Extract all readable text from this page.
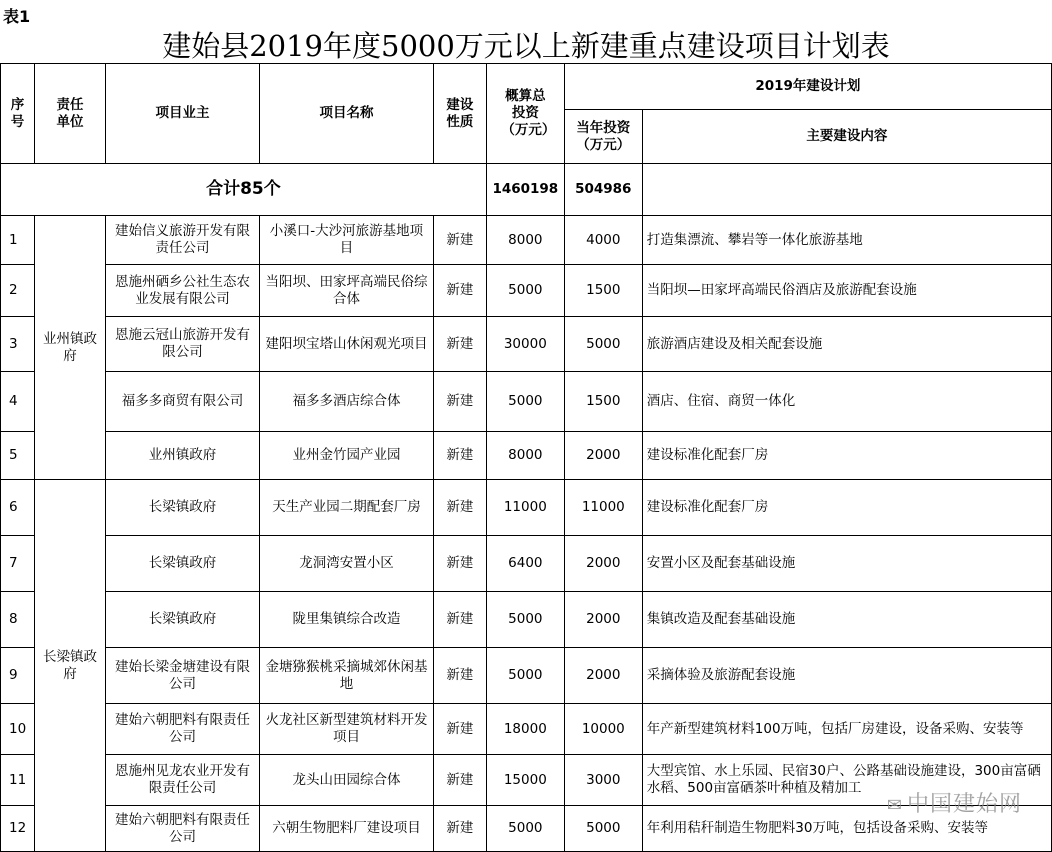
表1
建始县2019年度5000万元以上新建重点建设项目计划表
序号	责任单位	项目业主	项目名称	建设性质	概算总投资（万元）	2019年建设计划	

						当年投资（万元）	主要建设内容
合计85个					1460198	504986	
1	业州镇政府	建始信义旅游开发有限责任公司	小溪口-大沙河旅游基地项目	新建	8000	4000	打造集漂流、攀岩等一体化旅游基地
2		恩施州硒乡公社生态农业发展有限公司	当阳坝、田家坪高端民俗综合体	新建	5000	1500	当阳坝—田家坪高端民俗酒店及旅游配套设施
3		恩施云冠山旅游开发有限公司	建阳坝宝塔山休闲观光项目	新建	30000	5000	旅游酒店建设及相关配套设施
4		福多多商贸有限公司	福多多酒店综合体	新建	5000	1500	酒店、住宿、商贸一体化
5		业州镇政府	业州金竹园产业园	新建	8000	2000	建设标准化配套厂房
6	长梁镇政府	长梁镇政府	天生产业园二期配套厂房	新建	11000	11000	建设标准化配套厂房
7		长梁镇政府	龙洞湾安置小区	新建	6400	2000	安置小区及配套基础设施
8		长梁镇政府	陇里集镇综合改造	新建	5000	2000	集镇改造及配套基础设施
9		建始长梁金塘建设有限公司	金塘猕猴桃采摘城郊休闲基地	新建	5000	2000	采摘体验及旅游配套设施
10		建始六朝肥料有限责任公司	火龙社区新型建筑材料开发项目	新建	18000	10000	年产新型建筑材料100万吨，包括厂房建设，设备采购、安装等
11		恩施州见龙农业开发有限责任公司	龙头山田园综合体	新建	15000	3000	大型宾馆、水上乐园、民宿30户、公路基础设施建设，300亩富硒水稻、500亩富硒茶叶种植及精加工
12		建始六朝肥料有限责任公司	六朝生物肥料厂建设项目	新建	5000	5000	年利用秸秆制造生物肥料30万吨，包括设备采购、安装等
✉ 中国建始网
